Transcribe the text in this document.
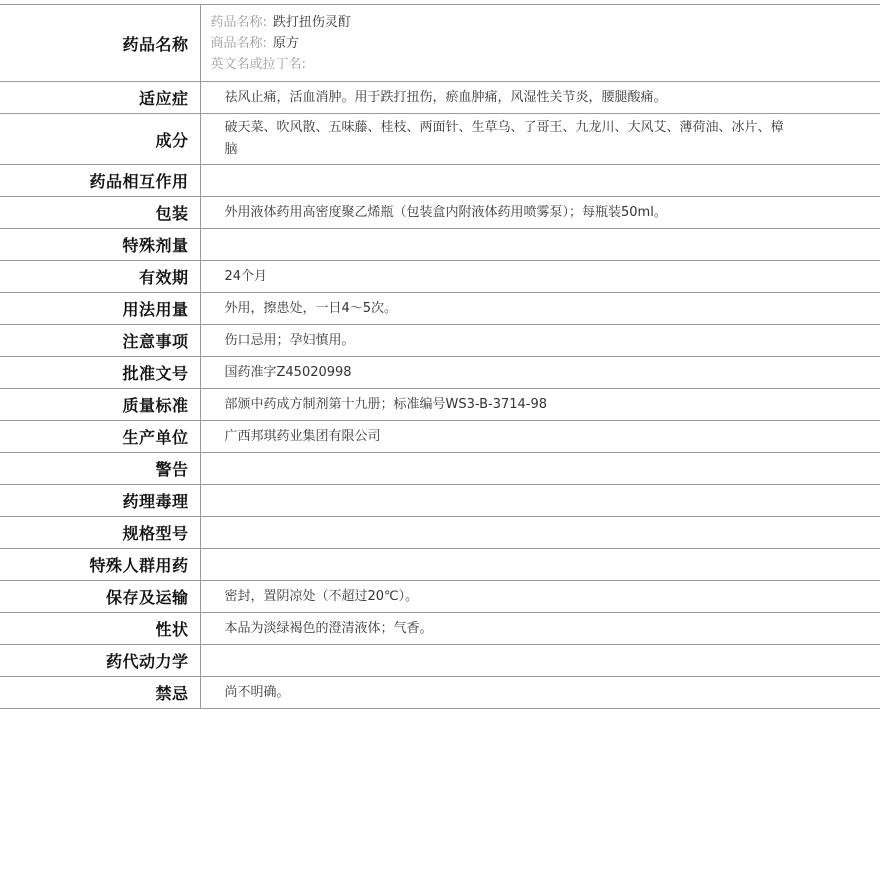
药品名称	药品名称: 跌打扭伤灵酊
商品名称: 原方
英文名或拉丁名:

适应症	祛风止痛，活血消肿。用于跌打扭伤，瘀血肿痛，风湿性关节炎，腰腿酸痛。
成分	破天菜、吹风散、五味藤、桂枝、两面针、生草乌、了哥王、九龙川、大风艾、薄荷油、冰片、樟脑
药品相互作用	
包装	外用液体药用高密度聚乙烯瓶（包装盒内附液体药用喷雾泵）；每瓶装50ml。
特殊剂量	
有效期	24个月
用法用量	外用，擦患处，一日4～5次。
注意事项	伤口忌用；孕妇慎用。
批准文号	国药准字Z45020998
质量标准	部颁中药成方制剂第十九册；标准编号WS3-B-3714-98
生产单位	广西邦琪药业集团有限公司
警告	
药理毒理	
规格型号	
特殊人群用药	
保存及运输	密封，置阴凉处（不超过20℃）。
性状	本品为淡绿褐色的澄清液体；气香。
药代动力学	
禁忌	尚不明确。
